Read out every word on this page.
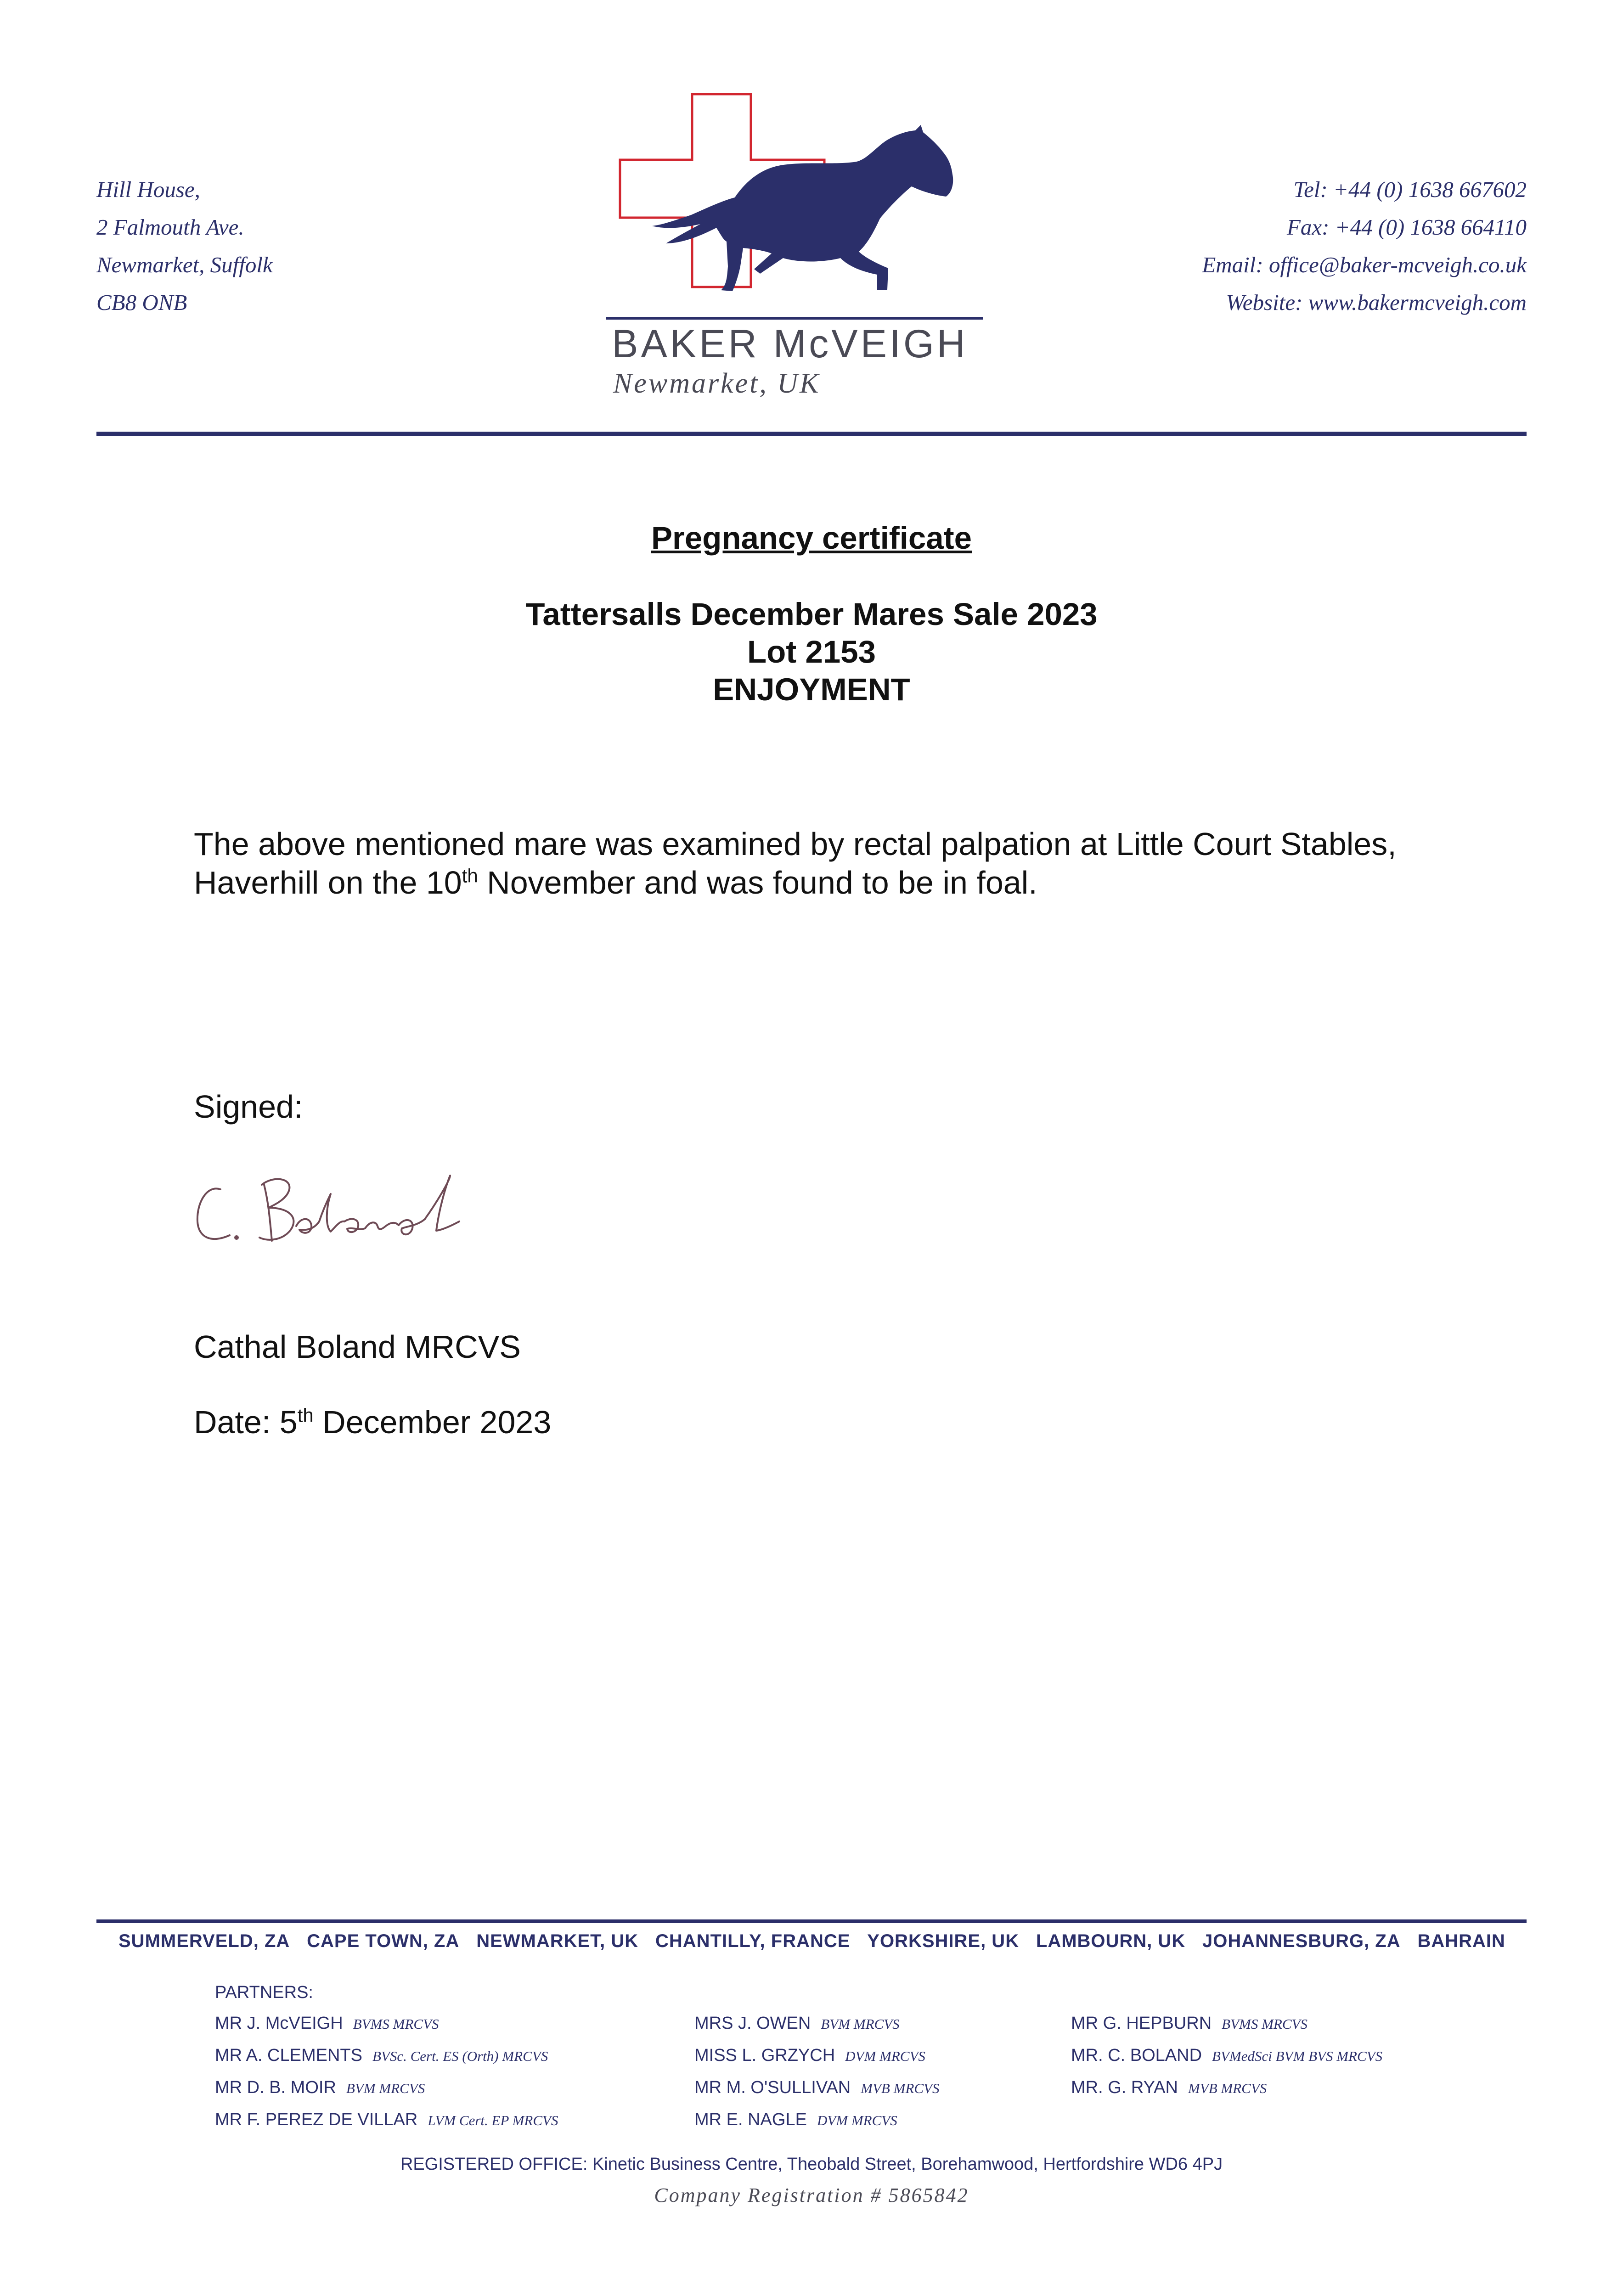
Hill House,
2 Falmouth Ave.
Newmarket, Suffolk
CB8 ONB
BAKER McVEIGH
Newmarket, UK
Tel: +44 (0) 1638 667602
Fax: +44 (0) 1638 664110
Email: office@baker-mcveigh.co.uk
Website: www.bakermcveigh.com
Pregnancy certificate
Tattersalls December Mares Sale 2023
Lot 2153
ENJOYMENT
The above mentioned mare was examined by rectal palpation at Little Court Stables,
Haverhill on the 10th November and was found to be in foal.
Signed:
Cathal Boland MRCVS
Date: 5th December 2023
SUMMERVELD, ZA CAPE TOWN, ZA NEWMARKET, UK CHANTILLY, FRANCE YORKSHIRE, UK LAMBOURN, UK JOHANNESBURG, ZA BAHRAIN
PARTNERS:
MR J. McVEIGH BVMS MRCVS
MR A. CLEMENTS BVSc. Cert. ES (Orth) MRCVS
MR D. B. MOIR BVM MRCVS
MR F. PEREZ DE VILLAR LVM Cert. EP MRCVS
MRS J. OWEN BVM MRCVS
MISS L. GRZYCH DVM MRCVS
MR M. O'SULLIVAN MVB MRCVS
MR E. NAGLE DVM MRCVS
MR G. HEPBURN BVMS MRCVS
MR. C. BOLAND BVMedSci BVM BVS MRCVS
MR. G. RYAN MVB MRCVS
REGISTERED OFFICE: Kinetic Business Centre, Theobald Street, Borehamwood, Hertfordshire WD6 4PJ
Company Registration # 5865842
